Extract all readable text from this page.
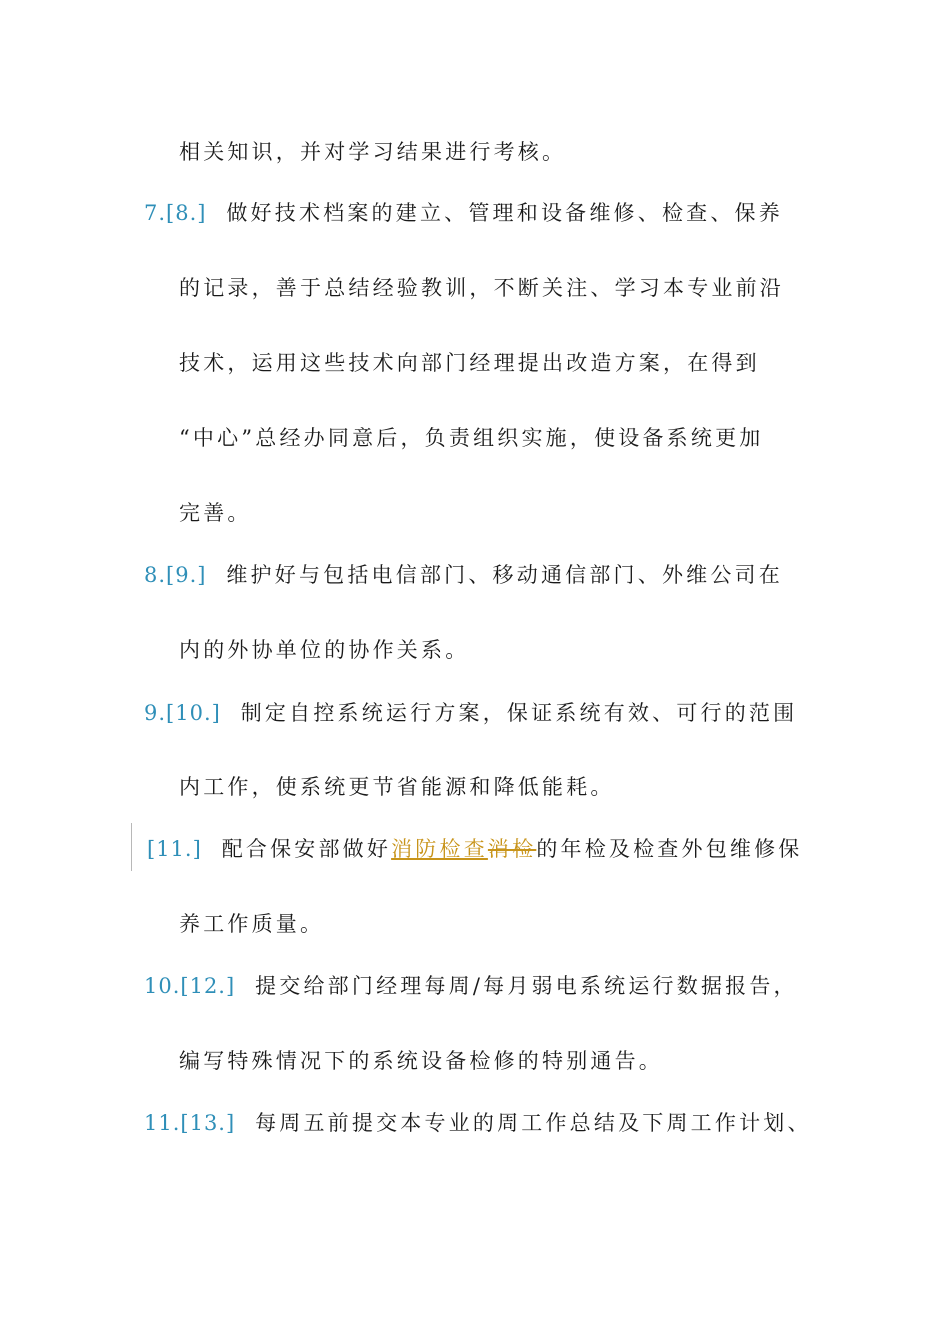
相关知识，并对学习结果进行考核。
7.[8.] 做好技术档案的建立、管理和设备维修、检查、保养
的记录，善于总结经验教训，不断关注、学习本专业前沿
技术，运用这些技术向部门经理提出改造方案，在得到
“中心”总经办同意后，负责组织实施，使设备系统更加
完善。
8.[9.] 维护好与包括电信部门、移动通信部门、外维公司在
内的外协单位的协作关系。
9.[10.] 制定自控系统运行方案，保证系统有效、可行的范围
内工作，使系统更节省能源和降低能耗。
[11.] 配合保安部做好消防检查消检的年检及检查外包维修保
养工作质量。
10.[12.] 提交给部门经理每周/每月弱电系统运行数据报告，
编写特殊情况下的系统设备检修的特别通告。
11.[13.] 每周五前提交本专业的周工作总结及下周工作计划、
